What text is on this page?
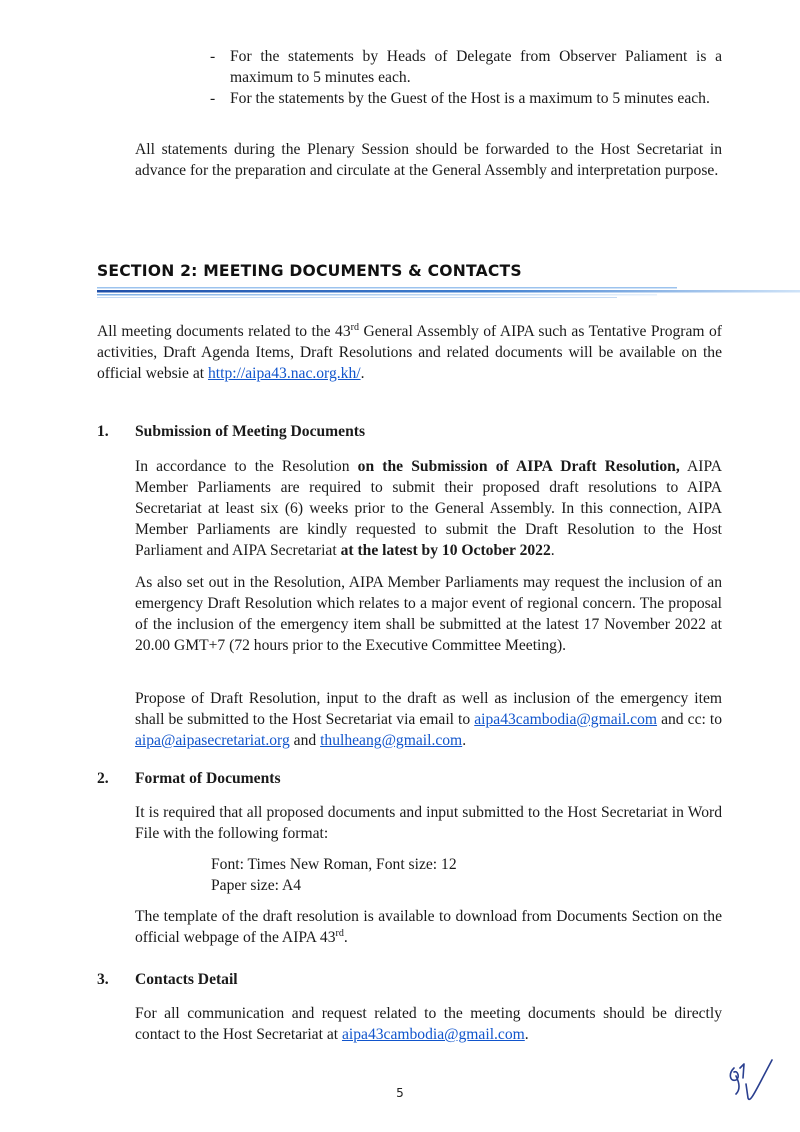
- For the statements by Heads of Delegate from Observer Paliament is a maximum to 5 minutes each.
- For the statements by the Guest of the Host is a maximum to 5 minutes each.

All statements during the Plenary Session should be forwarded to the Host Secretariat in advance for the preparation and circulate at the General Assembly and interpretation purpose.

SECTION 2: MEETING DOCUMENTS & CONTACTS

All meeting documents related to the 43rd General Assembly of AIPA such as Tentative Program of activities, Draft Agenda Items, Draft Resolutions and related documents will be available on the official websie at http://aipa43.nac.org.kh/.

1. Submission of Meeting Documents

In accordance to the Resolution on the Submission of AIPA Draft Resolution, AIPA Member Parliaments are required to submit their proposed draft resolutions to AIPA Secretariat at least six (6) weeks prior to the General Assembly. In this connection, AIPA Member Parliaments are kindly requested to submit the Draft Resolution to the Host Parliament and AIPA Secretariat at the latest by 10 October 2022.

As also set out in the Resolution, AIPA Member Parliaments may request the inclusion of an emergency Draft Resolution which relates to a major event of regional concern. The proposal of the inclusion of the emergency item shall be submitted at the latest 17 November 2022 at 20.00 GMT+7 (72 hours prior to the Executive Committee Meeting).

Propose of Draft Resolution, input to the draft as well as inclusion of the emergency item shall be submitted to the Host Secretariat via email to aipa43cambodia@gmail.com and cc: to aipa@aipasecretariat.org and thulheang@gmail.com.

2. Format of Documents

It is required that all proposed documents and input submitted to the Host Secretariat in Word File with the following format:

Font: Times New Roman, Font size: 12
Paper size: A4

The template of the draft resolution is available to download from Documents Section on the official webpage of the AIPA 43rd.

3. Contacts Detail

For all communication and request related to the meeting documents should be directly contact to the Host Secretariat at aipa43cambodia@gmail.com.

5
